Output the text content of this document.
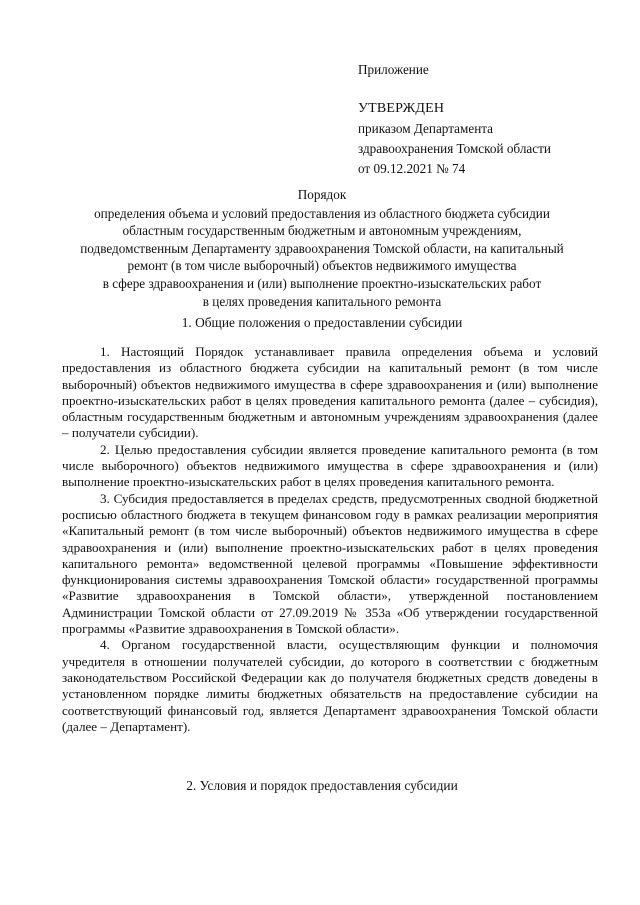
Приложение
УТВЕРЖДЕН
приказом Департамента
здравоохранения Томской области
от 09.12.2021 № 74
Порядок
определения объема и условий предоставления из областного бюджета субсидии
областным государственным бюджетным и автономным учреждениям,
подведомственным Департаменту здравоохранения Томской области, на капитальный
ремонт (в том числе выборочный) объектов недвижимого имущества
в сфере здравоохранения и (или) выполнение проектно-изыскательских работ
в целях проведения капитального ремонта
1. Общие положения о предоставлении субсидии

1. Настоящий Порядок устанавливает правила определения объема и условий предоставления из областного бюджета субсидии на капитальный ремонт (в том числе выборочный) объектов недвижимого имущества в сфере здравоохранения и (или) выполнение проектно-изыскательских работ в целях проведения капитального ремонта (далее – субсидия), областным государственным бюджетным и автономным учреждениям здравоохранения (далее – получатели субсидии).

2. Целью предоставления субсидии является проведение капитального ремонта (в том числе выборочного) объектов недвижимого имущества в сфере здравоохранения и (или) выполнение проектно-изыскательских работ в целях проведения капитального ремонта.

3. Субсидия предоставляется в пределах средств, предусмотренных сводной бюджетной росписью областного бюджета в текущем финансовом году в рамках реализации мероприятия «Капитальный ремонт (в том числе выборочный) объектов недвижимого имущества в сфере здравоохранения и (или) выполнение проектно-изыскательских работ в целях проведения капитального ремонта» ведомственной целевой программы «Повышение эффективности функционирования системы здравоохранения Томской области» государственной программы «Развитие здравоохранения в Томской области», утвержденной постановлением Администрации Томской области от 27.09.2019 № 353а «Об утверждении государственной программы «Развитие здравоохранения в Томской области».

4. Органом государственной власти, осуществляющим функции и полномочия учредителя в отношении получателей субсидии, до которого в соответствии с бюджетным законодательством Российской Федерации как до получателя бюджетных средств доведены в установленном порядке лимиты бюджетных обязательств на предоставление субсидии на соответствующий финансовый год, является Департамент здравоохранения Томской области (далее – Департамент).

2. Условия и порядок предоставления субсидии
